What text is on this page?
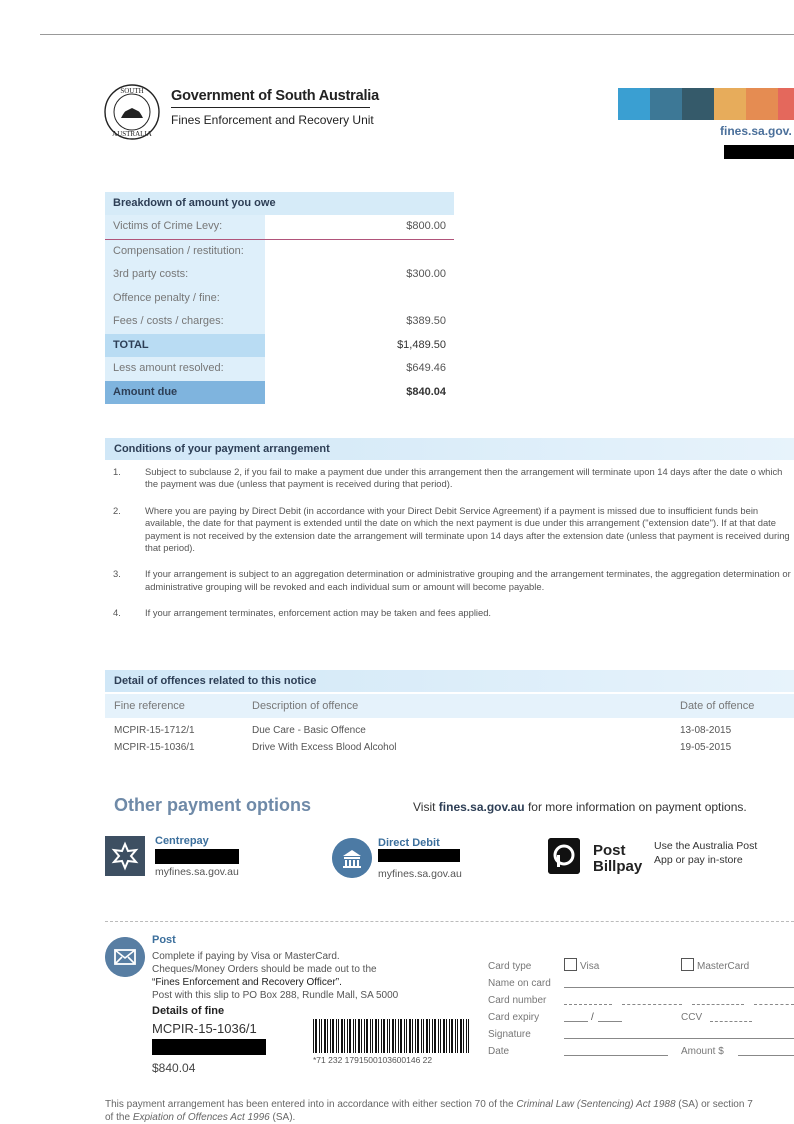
SOUTH
AUSTRALIA
Government of South Australia
Fines Enforcement and Recovery Unit
fines.sa.gov.
Breakdown of amount you owe
Victims of Crime Levy:	$800.00
Compensation / restitution:
3rd party costs:	$300.00
Offence penalty / fine:
Fees / costs / charges:	$389.50
TOTAL	$1,489.50
Less amount resolved:	$649.46
Amount due	$840.04
Conditions of your payment arrangement
1.	Subject to subclause 2, if you fail to make a payment due under this arrangement then the arrangement will terminate upon 14 days after the date o which the payment was due (unless that payment is received during that period).
2.	Where you are paying by Direct Debit (in accordance with your Direct Debit Service Agreement) if a payment is missed due to insufficient funds bein available, the date for that payment is extended until the date on which the next payment is due under this arrangement ("extension date"). If at that date payment is not received by the extension date the arrangement will terminate upon 14 days after the extension date (unless that payment is received during that period).
3.	If your arrangement is subject to an aggregation determination or administrative grouping and the arrangement terminates, the aggregation determination or administrative grouping will be revoked and each individual sum or amount will become payable.
4.	If your arrangement terminates, enforcement action may be taken and fees applied.
Detail of offences related to this notice
Fine reference	Description of offence	Date of offence
MCPIR-15-1712/1	Due Care - Basic Offence	13-08-2015
MCPIR-15-1036/1	Drive With Excess Blood Alcohol	19-05-2015
Other payment options	Visit fines.sa.gov.au for more information on payment options.
Centrepay
myfines.sa.gov.au
Direct Debit
myfines.sa.gov.au
Post
Billpay
Use the Australia Post
App or pay in-store
Post
Complete if paying by Visa or MasterCard.
Cheques/Money Orders should be made out to the
“Fines Enforcement and Recovery Officer”.
Post with this slip to PO Box 288, Rundle Mall, SA 5000
Details of fine
MCPIR-15-1036/1
$840.04
*71 232 1791500103600146 22
Card type	Visa	MasterCard
Name on card
Card number
Card expiry	/	CCV
Signature
Date	Amount $
This payment arrangement has been entered into in accordance with either section 70 of the Criminal Law (Sentencing) Act 1988 (SA) or section 7
of the Expiation of Offences Act 1996 (SA).
